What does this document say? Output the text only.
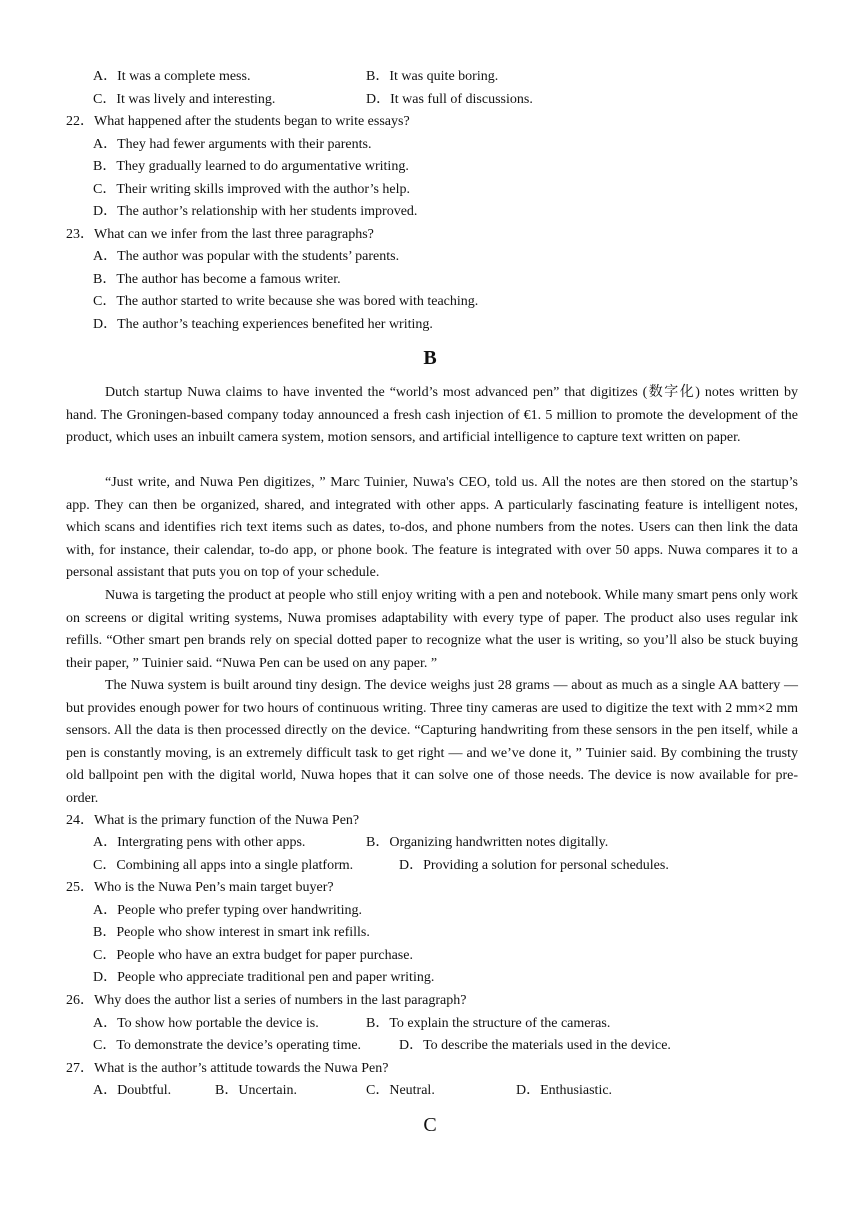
A．It was a complete mess.	B．It was quite boring.
C．It was lively and interesting.	D．It was full of discussions.
22．What happened after the students began to write essays?
A．They had fewer arguments with their parents.
B．They gradually learned to do argumentative writing.
C．Their writing skills improved with the author’s help.
D．The author’s relationship with her students improved.
23．What can we infer from the last three paragraphs?
A．The author was popular with the students’ parents.
B．The author has become a famous writer.
C．The author started to write because she was bored with teaching.
D．The author’s teaching experiences benefited her writing.
B
Dutch startup Nuwa claims to have invented the “world’s most advanced pen” that digitizes (数字化) notes written by hand. The Groningen-based company today announced a fresh cash injection of €1. 5 million to promote the development of the product, which uses an inbuilt camera system, motion sensors, and artificial intelligence to capture text written on paper.
“Just write, and Nuwa Pen digitizes, ” Marc Tuinier, Nuwa's CEO, told us. All the notes are then stored on the startup’s app. They can then be organized, shared, and integrated with other apps. A particularly fascinating feature is intelligent notes, which scans and identifies rich text items such as dates, to-dos, and phone numbers from the notes. Users can then link the data with, for instance, their calendar, to-do app, or phone book. The feature is integrated with over 50 apps. Nuwa compares it to a personal assistant that puts you on top of your schedule.
Nuwa is targeting the product at people who still enjoy writing with a pen and notebook. While many smart pens only work on screens or digital writing systems, Nuwa promises adaptability with every type of paper. The product also uses regular ink refills. “Other smart pen brands rely on special dotted paper to recognize what the user is writing, so you’ll also be stuck buying their paper, ” Tuinier said. “Nuwa Pen can be used on any paper. ”
The Nuwa system is built around tiny design. The device weighs just 28 grams — about as much as a single AA battery — but provides enough power for two hours of continuous writing. Three tiny cameras are used to digitize the text with 2 mm×2 mm sensors. All the data is then processed directly on the device. “Capturing handwriting from these sensors in the pen itself, while a pen is constantly moving, is an extremely difficult task to get right — and we’ve done it, ” Tuinier said. By combining the trusty old ballpoint pen with the digital world, Nuwa hopes that it can solve one of those needs. The device is now available for pre-order.
24．What is the primary function of the Nuwa Pen?
A．Intergrating pens with other apps.	B．Organizing handwritten notes digitally.
C．Combining all apps into a single platform.	D．Providing a solution for personal schedules.
25．Who is the Nuwa Pen’s main target buyer?
A．People who prefer typing over handwriting.
B．People who show interest in smart ink refills.
C．People who have an extra budget for paper purchase.
D．People who appreciate traditional pen and paper writing.
26．Why does the author list a series of numbers in the last paragraph?
A．To show how portable the device is.	B．To explain the structure of the cameras.
C．To demonstrate the device’s operating time.	D．To describe the materials used in the device.
27．What is the author’s attitude towards the Nuwa Pen?
A．Doubtful.	B．Uncertain.	C．Neutral.	D．Enthusiastic.
C
